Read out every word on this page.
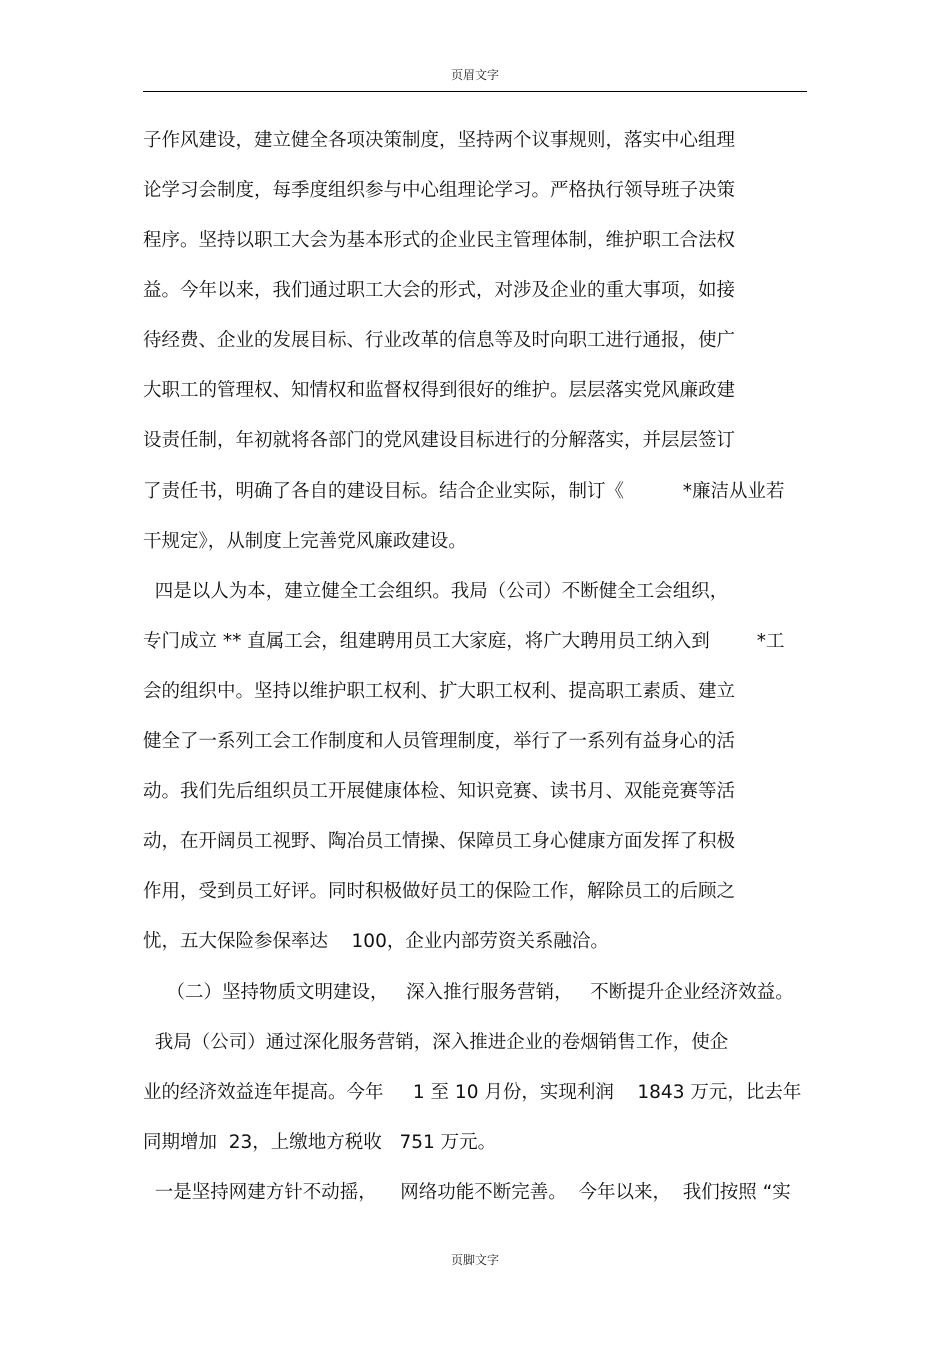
页眉文字
子作风建设，建立健全各项决策制度，坚持两个议事规则，落实中心组理
论学习会制度，每季度组织参与中心组理论学习。严格执行领导班子决策
程序。坚持以职工大会为基本形式的企业民主管理体制，维护职工合法权
益。今年以来，我们通过职工大会的形式，对涉及企业的重大事项，如接
待经费、企业的发展目标、行业改革的信息等及时向职工进行通报，使广
大职工的管理权、知情权和监督权得到很好的维护。层层落实党风廉政建
设责任制，年初就将各部门的党风建设目标进行的分解落实，并层层签订
了责任书，明确了各自的建设目标。结合企业实际，制订《          *廉洁从业若
干规定》，从制度上完善党风廉政建设。
四是以人为本，建立健全工会组织。我局（公司）不断健全工会组织，
专门成立 ** 直属工会，组建聘用员工大家庭，将广大聘用员工纳入到        *工
会的组织中。坚持以维护职工权利、扩大职工权利、提高职工素质、建立
健全了一系列工会工作制度和人员管理制度，举行了一系列有益身心的活
动。我们先后组织员工开展健康体检、知识竞赛、读书月、双能竞赛等活
动，在开阔员工视野、陶冶员工情操、保障员工身心健康方面发挥了积极
作用，受到员工好评。同时积极做好员工的保险工作，解除员工的后顾之
忧，五大保险参保率达    100，企业内部劳资关系融洽。
（二）坚持物质文明建设，   深入推行服务营销，   不断提升企业经济效益。
我局（公司）通过深化服务营销，深入推进企业的卷烟销售工作，使企
业的经济效益连年提高。今年     1 至 10 月份，实现利润    1843 万元，比去年
同期增加  23，上缴地方税收   751 万元。
一是坚持网建方针不动摇，    网络功能不断完善。  今年以来，  我们按照 “实
页脚文字
